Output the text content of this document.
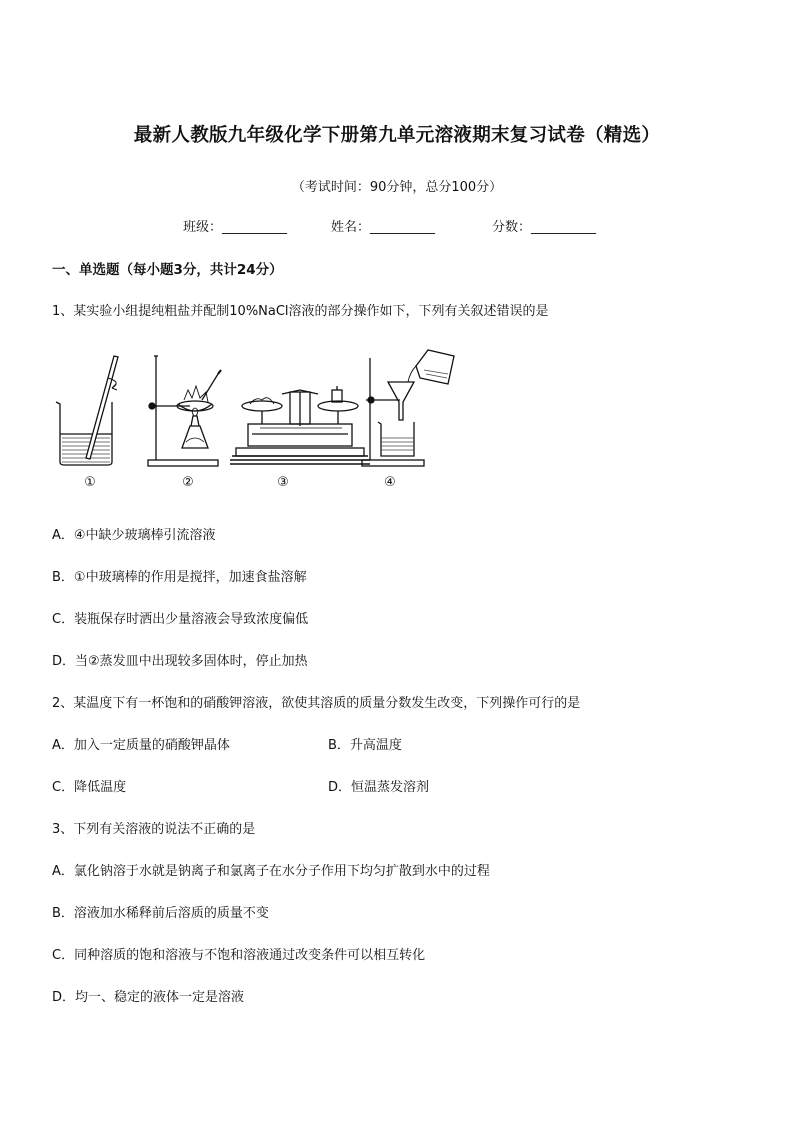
最新人教版九年级化学下册第九单元溶液期末复习试卷（精选）
（考试时间：90分钟，总分100分）
班级：__________	姓名：__________	分数：__________
一、单选题（每小题3分，共计24分）
1、某实验小组提纯粗盐并配制10%NaCl溶液的部分操作如下，下列有关叙述错误的是
①	②	③	④
A．④中缺少玻璃棒引流溶液
B．①中玻璃棒的作用是搅拌，加速食盐溶解
C．装瓶保存时洒出少量溶液会导致浓度偏低
D．当②蒸发皿中出现较多固体时，停止加热
2、某温度下有一杯饱和的硝酸钾溶液，欲使其溶质的质量分数发生改变，下列操作可行的是
A．加入一定质量的硝酸钾晶体	B．升高温度
C．降低温度	D．恒温蒸发溶剂
3、下列有关溶液的说法不正确的是
A．氯化钠溶于水就是钠离子和氯离子在水分子作用下均匀扩散到水中的过程
B．溶液加水稀释前后溶质的质量不变
C．同种溶质的饱和溶液与不饱和溶液通过改变条件可以相互转化
D．均一、稳定的液体一定是溶液
